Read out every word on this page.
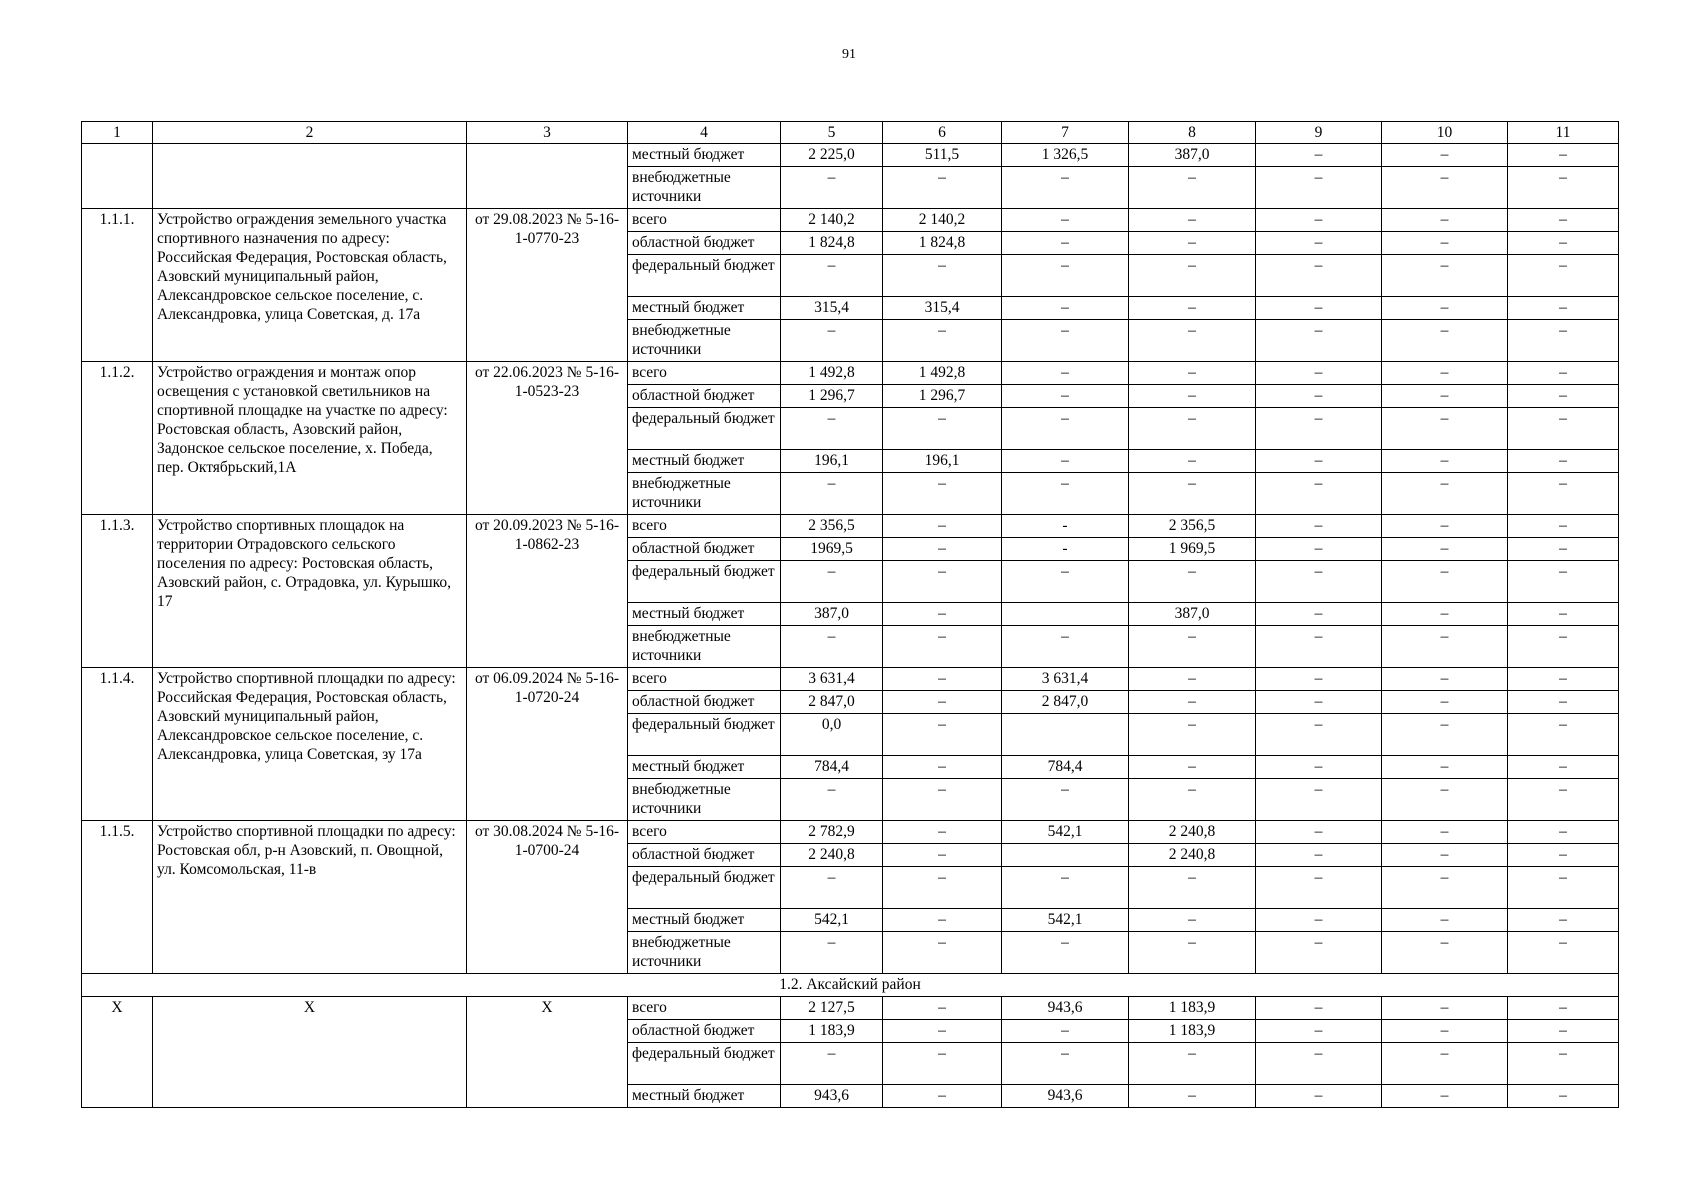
91
1	2	3	4	5	6	7	8	9	10	11
			местный бюджет	2 225,0	511,5	1 326,5	387,0	–	–	–
			внебюджетные источники	–	–	–	–	–	–	–
1.1.1.	Устройство ограждения земельного участка спортивного назначения по адресу: Российская Федерация, Ростовская область, Азовский муниципальный район, Александровское сельское поселение, с. Александровка, улица Советская, д. 17а	от 29.08.2023 № 5-16-1-0770-23	всего	2 140,2	2 140,2	–	–	–	–	–
			областной бюджет	1 824,8	1 824,8	–	–	–	–	–
			федеральный бюджет	–	–	–	–	–	–	–
			местный бюджет	315,4	315,4	–	–	–	–	–
			внебюджетные источники	–	–	–	–	–	–	–
1.1.2.	Устройство ограждения и монтаж опор освещения с установкой светильников на спортивной площадке на участке по адресу: Ростовская область, Азовский район, Задонское сельское поселение, х. Победа, пер. Октябрьский,1А	от 22.06.2023 № 5-16-1-0523-23	всего	1 492,8	1 492,8	–	–	–	–	–
			областной бюджет	1 296,7	1 296,7	–	–	–	–	–
			федеральный бюджет	–	–	–	–	–	–	–
			местный бюджет	196,1	196,1	–	–	–	–	–
			внебюджетные источники	–	–	–	–	–	–	–
1.1.3.	Устройство спортивных площадок на территории Отрадовского сельского поселения по адресу: Ростовская область, Азовский район, с. Отрадовка, ул. Курышко, 17	от 20.09.2023 № 5-16-1-0862-23	всего	2 356,5	–	-	2 356,5	–	–	–
			областной бюджет	1969,5	–	-	1 969,5	–	–	–
			федеральный бюджет	–	–	–	–	–	–	–
			местный бюджет	387,0	–		387,0	–	–	–
			внебюджетные источники	–	–	–	–	–	–	–
1.1.4.	Устройство спортивной площадки по адресу: Российская Федерация, Ростовская область, Азовский муниципальный район, Александровское сельское поселение, с. Александровка, улица Советская, зу 17а	от 06.09.2024 № 5-16-1-0720-24	всего	3 631,4	–	3 631,4	–	–	–	–
			областной бюджет	2 847,0	–	2 847,0	–	–	–	–
			федеральный бюджет	0,0	–		–	–	–	–
			местный бюджет	784,4	–	784,4	–	–	–	–
			внебюджетные источники	–	–	–	–	–	–	–
1.1.5.	Устройство спортивной площадки по адресу: Ростовская обл, р-н Азовский, п. Овощной, ул. Комсомольская, 11-в	от 30.08.2024 № 5-16-1-0700-24	всего	2 782,9	–	542,1	2 240,8	–	–	–
			областной бюджет	2 240,8	–		2 240,8	–	–	–
			федеральный бюджет	–	–	–	–	–	–	–
			местный бюджет	542,1	–	542,1	–	–	–	–
			внебюджетные источники	–	–	–	–	–	–	–
1.2. Аксайский район										
Х	Х	Х	всего	2 127,5	–	943,6	1 183,9	–	–	–
			областной бюджет	1 183,9	–	–	1 183,9	–	–	–
			федеральный бюджет	–	–	–	–	–	–	–
			местный бюджет	943,6	–	943,6	–	–	–	–
